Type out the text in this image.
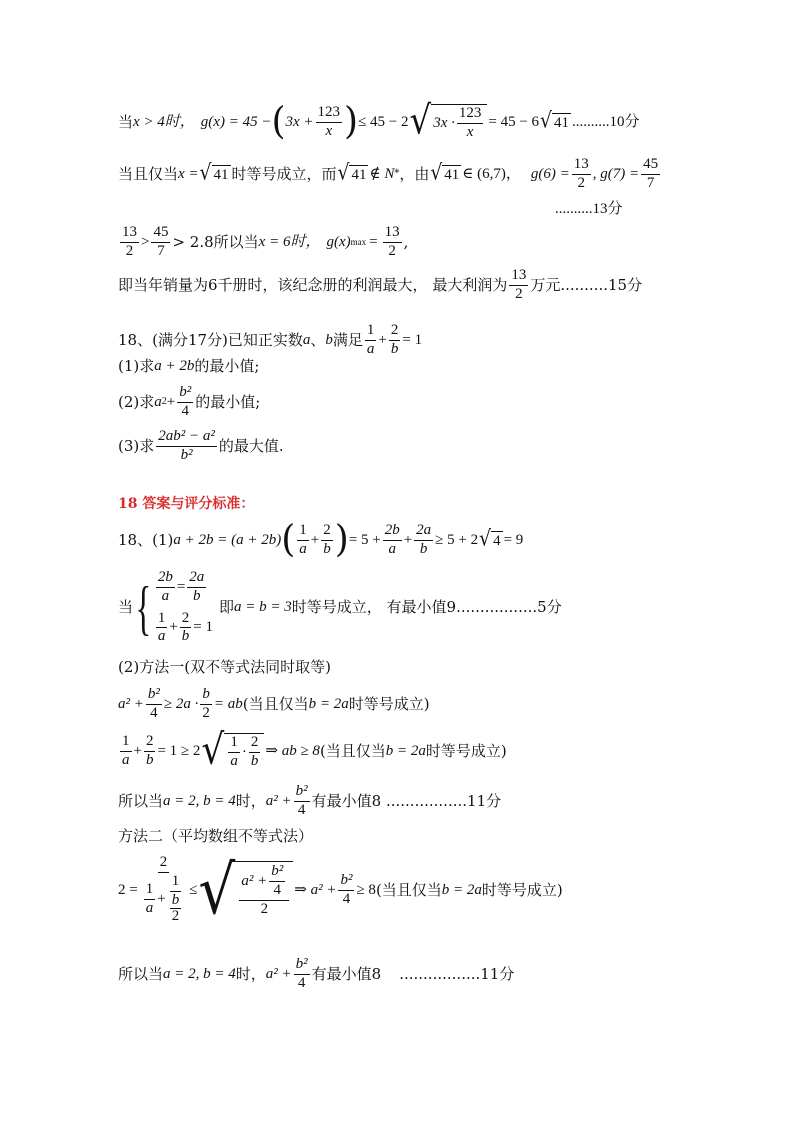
当 x > 4时， g(x) = 45 − ( $3x + \frac{123}{x}$ ) ≤ 45 − 2 √ 3x ·
123
x
= 45 − 6 √ 41 ..........10分
当且仅当 x = √ 41 时等号成立，而 √ 41 ∉ N * ，由 √ 41 ∈ (6,7)， $g(6) = \frac{13}{2}$ , $g(7) = \frac{45}{7}$
..........13分
13
2
>
45
7 > 2.8所以当 x = 6时， g(x) $\max = \frac{13}{2}$ ,
即当年销量为6千册时，该纪念册的利润最大， 最大利润为
13
2 万元..........15分
18、(满分17分)已知正实数 a 、 b 满足
1
a
+ $\frac{2}{b} = 1$
(1)求 a + 2b 的最小值;
(2)求 a $2 + \frac{\text{b²}}{4}$ 的最小值;
(3)求
2ab² − a²
b² 的最大值.
18 答案与评分标准：
18、(1) a + 2b = (a + 2b) ( 1
a
+ $\frac{2}{b}$ ) = $5 + \frac{2b}{a} + \frac{2a}{b} \ge 5 + 2$ √ 4 = 9
当 { $\frac{2b}{a} = \frac{2a}{b}$
1
a
+ $\frac{2}{b} = 1$
即 a = b = 3 时等号成立， 有最小值9.................5分
(2)方法一(双不等式法同时取等)
$a^2 + \frac{\text{b²}}{4} \ge 2a \cdot \frac{b}{2}$ = ab (当且仅当 b = 2a 时等号成立)
1
a
+ $\frac{2}{b} = 1 \ge 2$ √ 1
a
·
2
b
⇒ ab ≥ 8 (当且仅当 b = 2a 时等号成立)
所以当 a = 2, b = 4 时， $a^2 + \frac{\text{b²}}{4}$ 有最小值8 .................11分
方法二（平均数组不等式法）
2 = 2
1
a
+ 1
b
2 ≤ √ $a^2 + \frac{\text{b²}}{4}$
2
⇒ $a^2 + \frac{\text{b²}}{4} \ge 8$ (当且仅当 b = 2a 时等号成立)
所以当 a = 2, b = 4 时， $a^2 + \frac{\text{b²}}{4}$ 有最小值8 .................11分
